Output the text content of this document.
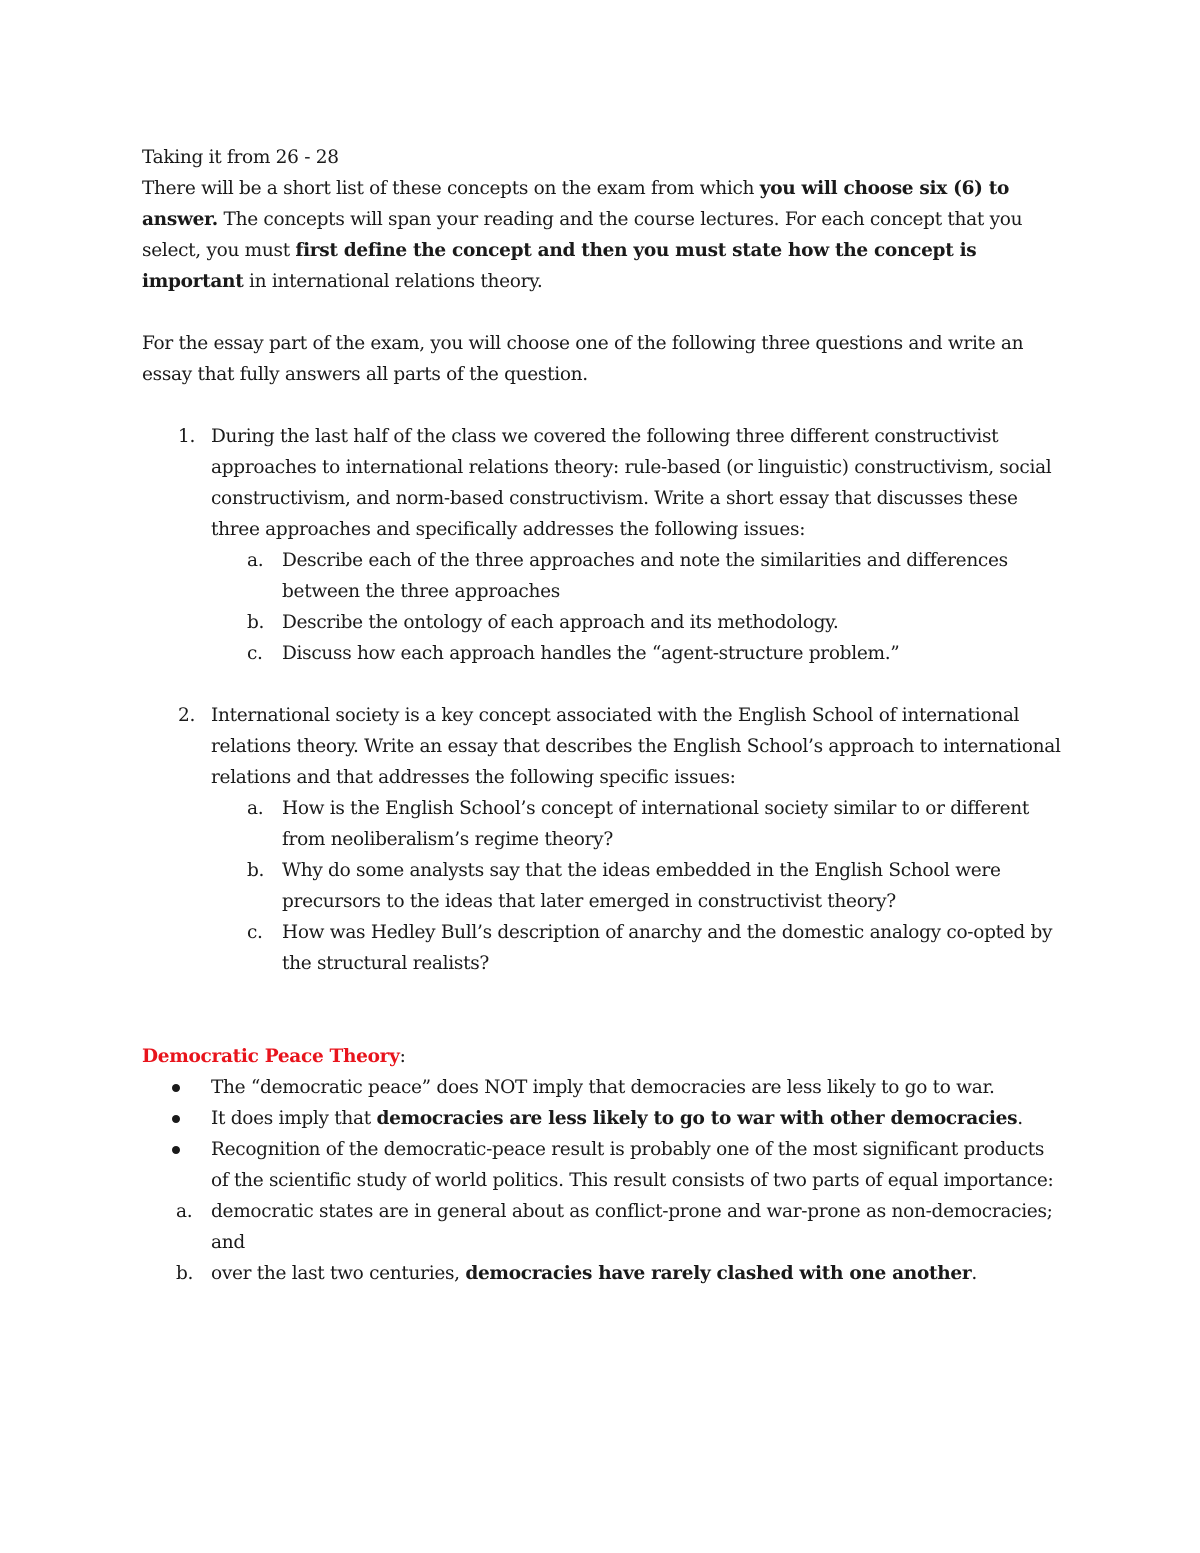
Taking it from 26 - 28

There will be a short list of these concepts on the exam from which you will choose six (6) to answer. The concepts will span your reading and the course lectures. For each concept that you select, you must first define the concept and then you must state how the concept is important in international relations theory.

For the essay part of the exam, you will choose one of the following three questions and write an essay that fully answers all parts of the question.

1. During the last half of the class we covered the following three different constructivist approaches to international relations theory: rule-based (or linguistic) constructivism, social constructivism, and norm-based constructivism. Write a short essay that discusses these three approaches and specifically addresses the following issues:

a. Describe each of the three approaches and note the similarities and differences between the three approaches

b. Describe the ontology of each approach and its methodology.

c. Discuss how each approach handles the “agent-structure problem.”

2. International society is a key concept associated with the English School of international relations theory. Write an essay that describes the English School’s approach to international relations and that addresses the following specific issues:

a. How is the English School’s concept of international society similar to or different from neoliberalism’s regime theory?

b. Why do some analysts say that the ideas embedded in the English School were precursors to the ideas that later emerged in constructivist theory?

c. How was Hedley Bull’s description of anarchy and the domestic analogy co-opted by the structural realists?

Democratic Peace Theory:

The “democratic peace” does NOT imply that democracies are less likely to go to war.

It does imply that democracies are less likely to go to war with other democracies.

Recognition of the democratic-peace result is probably one of the most significant products of the scientific study of world politics. This result consists of two parts of equal importance:

a. democratic states are in general about as conflict-prone and war-prone as non-democracies; and

b. over the last two centuries, democracies have rarely clashed with one another.
